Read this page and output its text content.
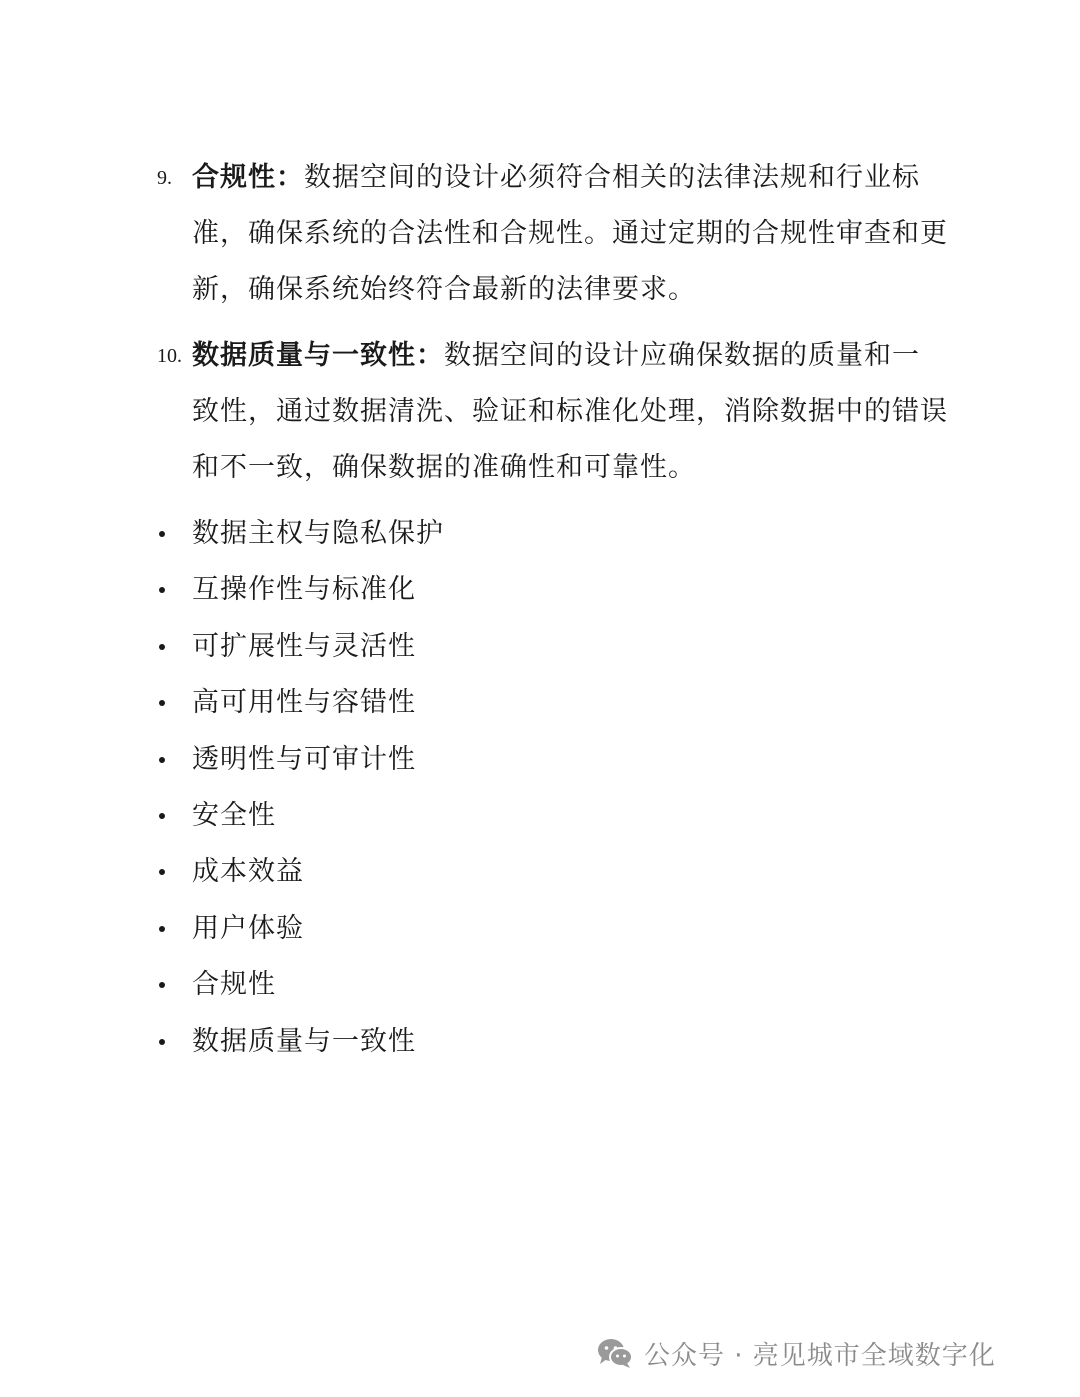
9. 合规性：数据空间的设计必须符合相关的法律法规和行业标
准，确保系统的合法性和合规性。通过定期的合规性审查和更
新，确保系统始终符合最新的法律要求。
10. 数据质量与一致性：数据空间的设计应确保数据的质量和一
致性，通过数据清洗、验证和标准化处理，消除数据中的错误
和不一致，确保数据的准确性和可靠性。
数据主权与隐私保护
互操作性与标准化
可扩展性与灵活性
高可用性与容错性
透明性与可审计性
安全性
成本效益
用户体验
合规性
数据质量与一致性
公众号 · 亮见城市全域数字化
